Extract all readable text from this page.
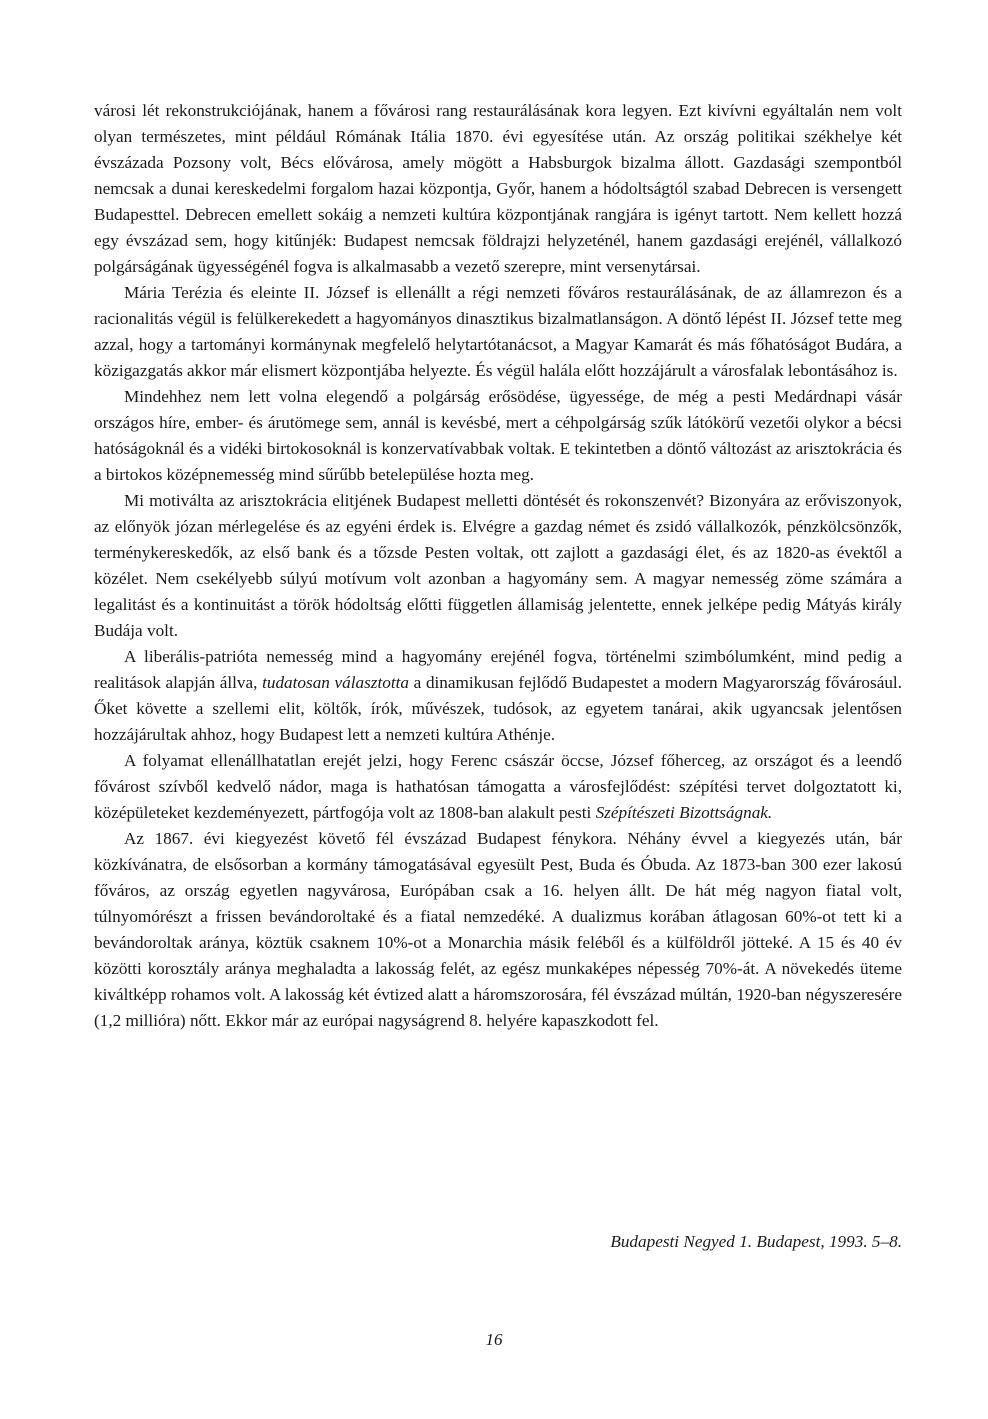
városi lét rekonstrukciójának, hanem a fővárosi rang restaurálásának kora legyen. Ezt kivívni egyáltalán nem volt olyan természetes, mint például Rómának Itália 1870. évi egyesítése után. Az ország politikai székhelye két évszázada Pozsony volt, Bécs elővárosa, amely mögött a Habsburgok bizalma állott. Gazdasági szempontból nemcsak a dunai kereskedelmi forgalom hazai központja, Győr, hanem a hódoltságtól szabad Debrecen is versengett Budapesttel. Debrecen emellett sokáig a nemzeti kultúra központjának rangjára is igényt tartott. Nem kellett hozzá egy évszázad sem, hogy kitűnjék: Budapest nemcsak földrajzi helyzeténél, hanem gazdasági erejénél, vállalkozó polgárságának ügyességénél fogva is alkalmasabb a vezető szerepre, mint versenytársai.

Mária Terézia és eleinte II. József is ellenállt a régi nemzeti főváros restaurálásának, de az államrezon és a racionalitás végül is felülkerekedett a hagyományos dinasztikus bizalmatlanságon. A döntő lépést II. József tette meg azzal, hogy a tartományi kormánynak megfelelő helytartótanácsot, a Magyar Kamarát és más főhatóságot Budára, a közigazgatás akkor már elismert központjába helyezte. És végül halála előtt hozzájárult a városfalak lebontásához is.

Mindehhez nem lett volna elegendő a polgárság erősödése, ügyessége, de még a pesti Medárdnapi vásár országos híre, ember- és árutömege sem, annál is kevésbé, mert a céhpolgárság szűk látókörű vezetői olykor a bécsi hatóságoknál és a vidéki birtokosoknál is konzervatívabbak voltak. E tekintetben a döntő változást az arisztokrácia és a birtokos középnemesség mind sűrűbb betelepülése hozta meg.

Mi motiválta az arisztokrácia elitjének Budapest melletti döntését és rokonszenvét? Bizonyára az erőviszonyok, az előnyök józan mérlegelése és az egyéni érdek is. Elvégre a gazdag német és zsidó vállalkozók, pénzkölcsönzők, terménykereskedők, az első bank és a tőzsde Pesten voltak, ott zajlott a gazdasági élet, és az 1820-as évektől a közélet. Nem csekélyebb súlyú motívum volt azonban a hagyomány sem. A magyar nemesség zöme számára a legalitást és a kontinuitást a török hódoltság előtti független államiság jelentette, ennek jelképe pedig Mátyás király Budája volt.

A liberális-patrióta nemesség mind a hagyomány erejénél fogva, történelmi szimbólumként, mind pedig a realitások alapján állva, tudatosan választotta a dinamikusan fejlődő Budapestet a modern Magyarország fővárosául. Őket követte a szellemi elit, költők, írók, művészek, tudósok, az egyetem tanárai, akik ugyancsak jelentősen hozzájárultak ahhoz, hogy Budapest lett a nemzeti kultúra Athénje.

A folyamat ellenállhatatlan erejét jelzi, hogy Ferenc császár öccse, József főherceg, az országot és a leendő fővárost szívből kedvelő nádor, maga is hathatósan támogatta a városfejlődést: szépítési tervet dolgoztatott ki, középületeket kezdeményezett, pártfogója volt az 1808-ban alakult pesti Szépítészeti Bizottságnak.

Az 1867. évi kiegyezést követő fél évszázad Budapest fénykora. Néhány évvel a kiegyezés után, bár közkívánatra, de elsősorban a kormány támogatásával egyesült Pest, Buda és Óbuda. Az 1873-ban 300 ezer lakosú főváros, az ország egyetlen nagyvárosa, Európában csak a 16. helyen állt. De hát még nagyon fiatal volt, túlnyomórészt a frissen bevándoroltaké és a fiatal nemzedéké. A dualizmus korában átlagosan 60%-ot tett ki a bevándoroltak aránya, köztük csaknem 10%-ot a Monarchia másik feléből és a külföldről jötteké. A 15 és 40 év közötti korosztály aránya meghaladta a lakosság felét, az egész munkaképes népesség 70%-át. A növekedés üteme kiváltképp rohamos volt. A lakosság két évtized alatt a háromszorosára, fél évszázad múltán, 1920-ban négyszeresére (1,2 millióra) nőtt. Ekkor már az európai nagyságrend 8. helyére kapaszkodott fel.

Budapesti Negyed 1. Budapest, 1993. 5–8.
16
